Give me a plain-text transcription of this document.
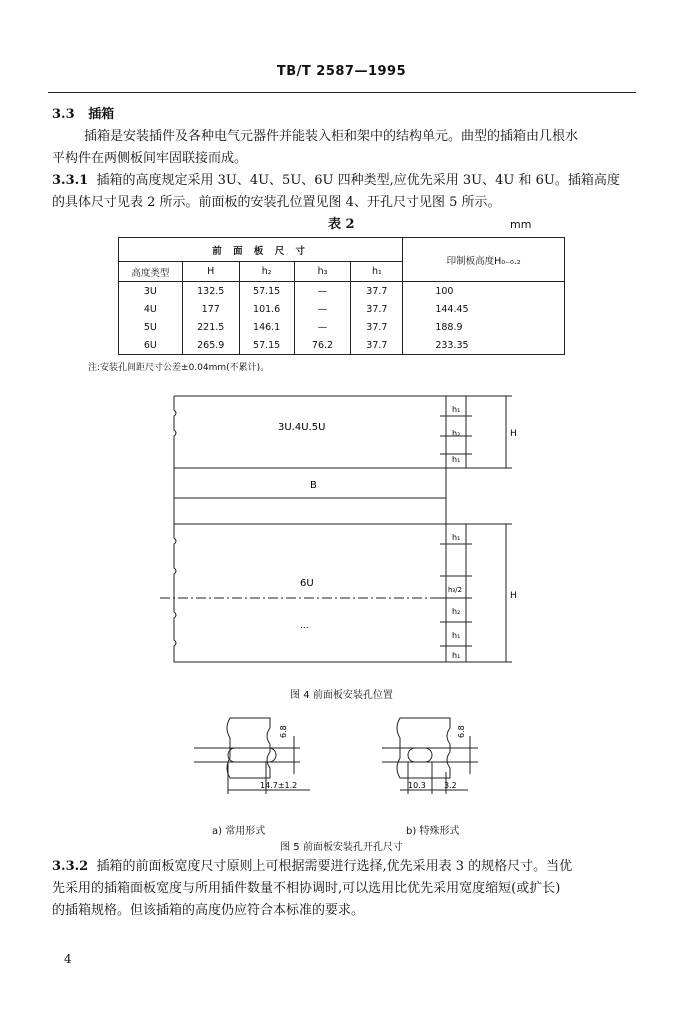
TB/T 2587—1995
3.3 插箱
插箱是安装插件及各种电气元器件并能装入柜和架中的结构单元。曲型的插箱由几根水
平构件在两侧板间牢固联接而成。
3.3.1 插箱的高度规定采用 3U、4U、5U、6U 四种类型,应优先采用 3U、4U 和 6U。插箱高度
的具体尺寸见表 2 所示。前面板的安装孔位置见图 4、开孔尺寸见图 5 所示。
表 2	mm
前 面 板 尺 寸					印制板高度H₀₋₀.₂
高度类型	H	h₂	h₃	h₁	
3U	132.5	57.15	—	37.7	100
4U	177	101.6	—	37.7	144.45
5U	221.5	146.1	—	37.7	188.9
6U	265.9	57.15	76.2	37.7	233.35
注:安装孔间距尺寸公差±0.04mm(不累计)。
3U.4U.5U
B
6U
...
h₁
h₂
h₁
H
h₁
h₃/2
h₂
h₁
h₁
H
图 4 前面板安装孔位置
6.8
14.7±1.2
a) 常用形式
6.8
10.3 3.2
b) 特殊形式
图 5 前面板安装孔开孔尺寸
3.3.2 插箱的前面板宽度尺寸原则上可根据需要进行选择,优先采用表 3 的规格尺寸。当优
先采用的插箱面板宽度与所用插件数量不相协调时,可以选用比优先采用宽度缩短(或扩长)
的插箱规格。但该插箱的高度仍应符合本标准的要求。
4
